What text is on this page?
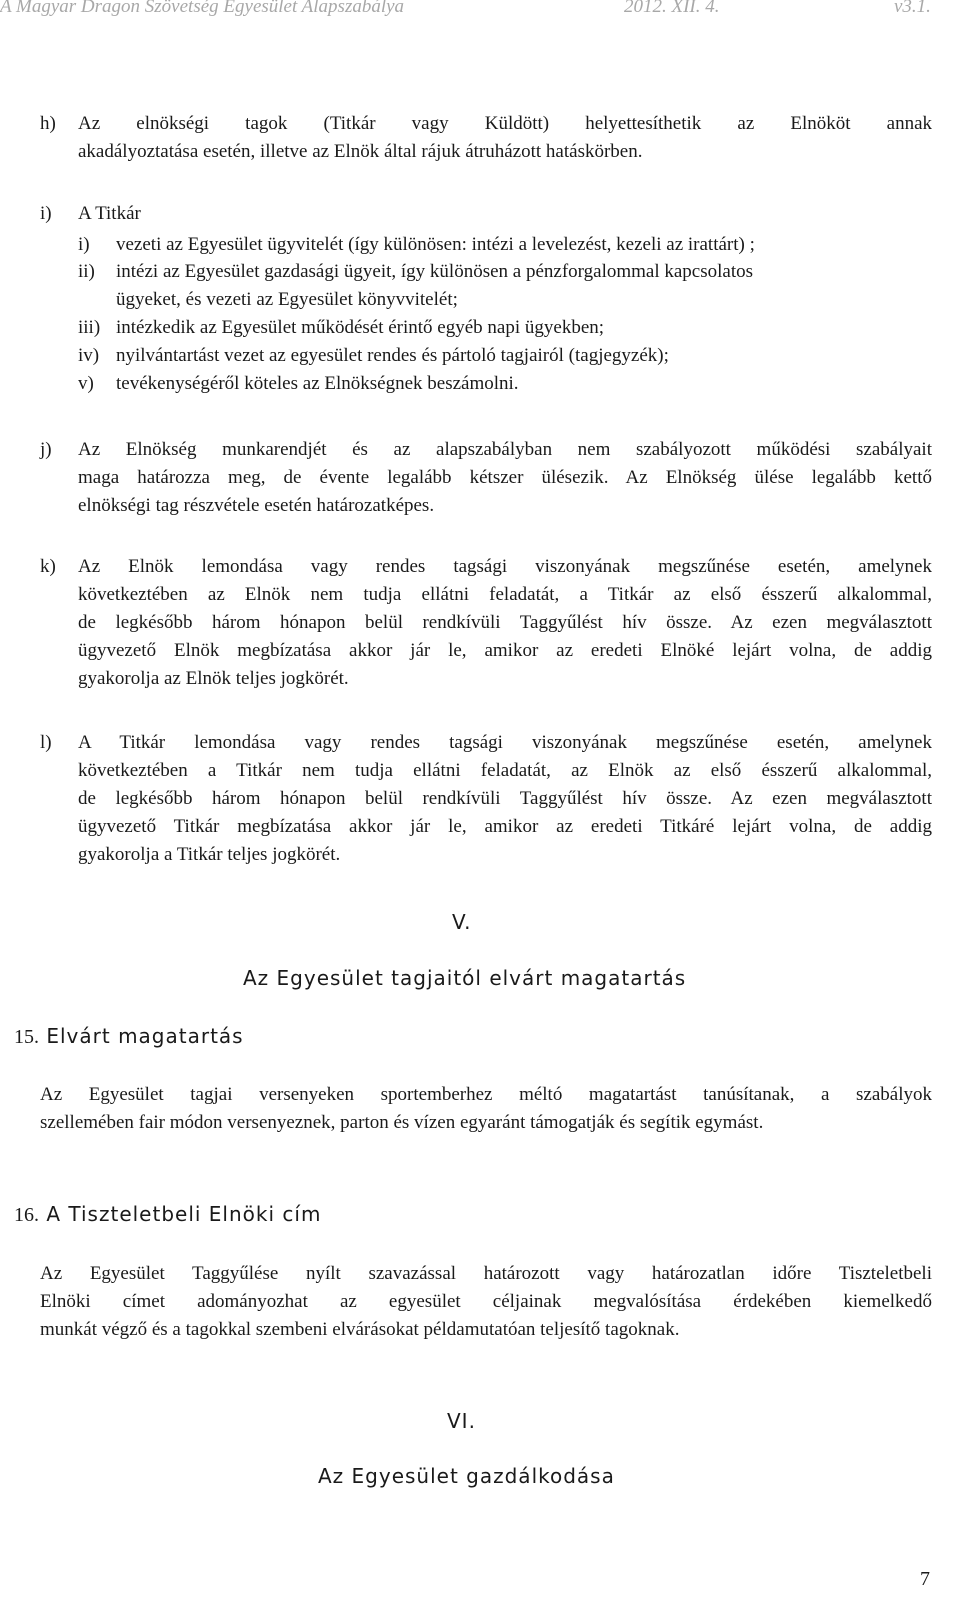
A Magyar Dragon Szövetség Egyesület Alapszabálya	2012. XII. 4.	v3.1.
h) Az elnökségi tagok (Titkár vagy Küldött) helyettesíthetik az Elnököt annak
akadályoztatása esetén, illetve az Elnök által rájuk átruházott hatáskörben.
i) A Titkár
i) vezeti az Egyesület ügyvitelét (így különösen: intézi a levelezést, kezeli az irattárt) ;
ii) intézi az Egyesület gazdasági ügyeit, így különösen a pénzforgalommal kapcsolatos
ügyeket, és vezeti az Egyesület könyvvitelét;
iii) intézkedik az Egyesület működését érintő egyéb napi ügyekben;
iv) nyilvántartást vezet az egyesület rendes és pártoló tagjairól (tagjegyzék);
v) tevékenységéről köteles az Elnökségnek beszámolni.
j) Az Elnökség munkarendjét és az alapszabályban nem szabályozott működési szabályait
maga határozza meg, de évente legalább kétszer ülésezik. Az Elnökség ülése legalább kettő
elnökségi tag részvétele esetén határozatképes.
k) Az Elnök lemondása vagy rendes tagsági viszonyának megszűnése esetén, amelynek
következtében az Elnök nem tudja ellátni feladatát, a Titkár az első ésszerű alkalommal,
de legkésőbb három hónapon belül rendkívüli Taggyűlést hív össze. Az ezen megválasztott
ügyvezető Elnök megbízatása akkor jár le, amikor az eredeti Elnöké lejárt volna, de addig
gyakorolja az Elnök teljes jogkörét.
l) A Titkár lemondása vagy rendes tagsági viszonyának megszűnése esetén, amelynek
következtében a Titkár nem tudja ellátni feladatát, az Elnök az első ésszerű alkalommal,
de legkésőbb három hónapon belül rendkívüli Taggyűlést hív össze. Az ezen megválasztott
ügyvezető Titkár megbízatása akkor jár le, amikor az eredeti Titkáré lejárt volna, de addig
gyakorolja a Titkár teljes jogkörét.
V.
Az Egyesület tagjaitól elvárt magatartás
15. Elvárt magatartás
Az Egyesület tagjai versenyeken sportemberhez méltó magatartást tanúsítanak, a szabályok
szellemében fair módon versenyeznek, parton és vízen egyaránt támogatják és segítik egymást.
16. A Tiszteletbeli Elnöki cím
Az Egyesület Taggyűlése nyílt szavazással határozott vagy határozatlan időre Tiszteletbeli
Elnöki címet adományozhat az egyesület céljainak megvalósítása érdekében kiemelkedő
munkát végző és a tagokkal szembeni elvárásokat példamutatóan teljesítő tagoknak.
VI.
Az Egyesület gazdálkodása
7
